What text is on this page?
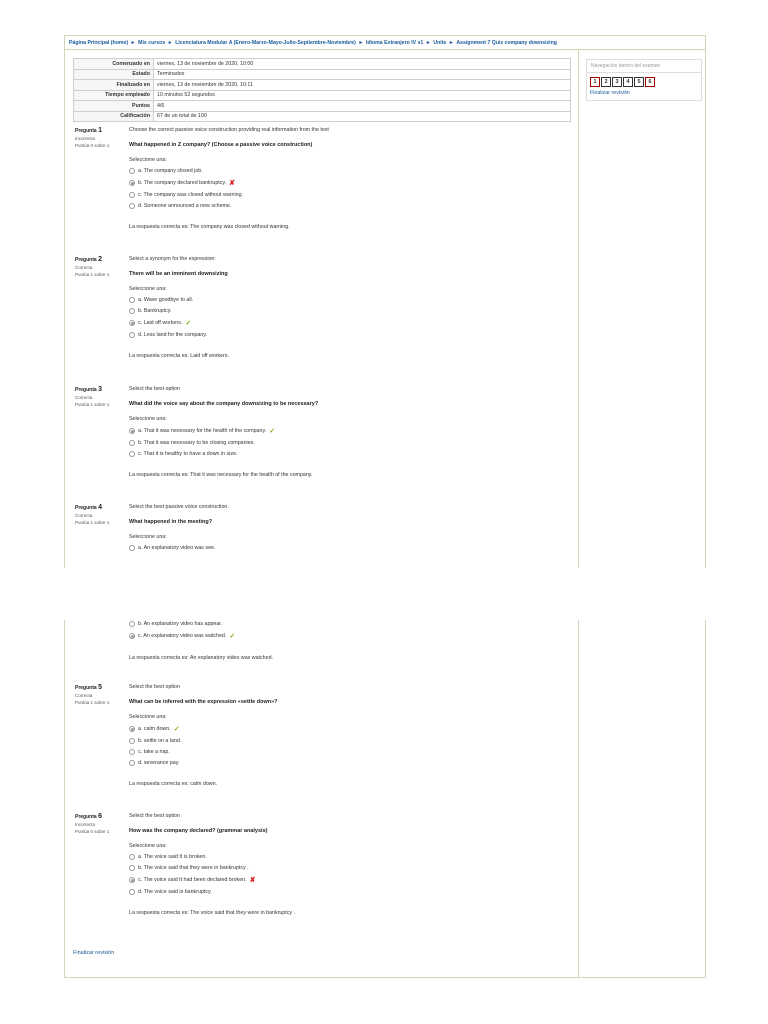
Página Principal (home) ► Mis cursos ► Licenciatura Modular A (Enero-Marzo-Mayo-Julio-Septiembre-Noviembre) ► Idioma Extranjero IV v1 ► Units ► Assignment 7 Quiz company downsizing
Comenzado en	viernes, 13 de noviembre de 2020, 10:00
Estado	Terminados
Finalizado en	viernes, 13 de noviembre de 2020, 10:11
Tiempo empleado	10 minutos 52 segundos
Puntos	4/6
Calificación	67 de un total de 100
Navegación dentro del examen
1	2	3	4	5	6
Finalizar revisión
Pregunta 1
Incorrecta
Puntúa 0 sobre 1
Choose the correct passive voice construction providing real information from the text
What happened in Z company? (Choose a passive voice construction)
Seleccione una:
a. The company closed job.
b. The company declared bankruptcy. ✘
c. The company was closed without warning.
d. Someone announced a new scheme.
La respuesta correcta es: The company was closed without warning.
Pregunta 2
Correcta
Puntúa 1 sobre 1
Select a synonym for the expression:
There will be an imminent downsizing
Seleccione una:
a. Wave goodbye to all.
b. Bankruptcy.
c. Laid off workers. ✓
d. Less land for the company.
La respuesta correcta es: Laid off workers.
Pregunta 3
Correcta
Puntúa 1 sobre 1
Select the best option
What did the voice say about the company downsizing to be necessary?
Seleccione una:
a. That it was necessary for the health of the company. ✓
b. That it was necessary to be closing companies.
c. That it is healthy to have a down in size.
La respuesta correcta es: That it was necessary for the health of the company.
Pregunta 4
Correcta
Puntúa 1 sobre 1
Select the best passive voice construction.
What happened in the meeting?
Seleccione una:
a. An explanatory video was see.
b. An explanatory video has appear.
c. An explanatory video was watched. ✓
La respuesta correcta es: An explanatory video was watched.
Pregunta 5
Correcta
Puntúa 1 sobre 1
Select the best option
What can be inferred with the expression «settle down»?
Seleccione una:
a. calm down. ✓
b. settle on a land.
c. take a nap.
d. severance pay.
La respuesta correcta es: calm down.
Pregunta 6
Incorrecta
Puntúa 0 sobre 1
Select the best option
How was the company declared? (grammar analysis)
Seleccione una:
a. The voice said It is broken.
b. The voice said that they were in bankruptcy .
c. The voice said It had been declared broken. ✘
d. The voice said is bankruptcy.
La respuesta correcta es: The voice said that they were in bankruptcy .
Finalizar revisión
